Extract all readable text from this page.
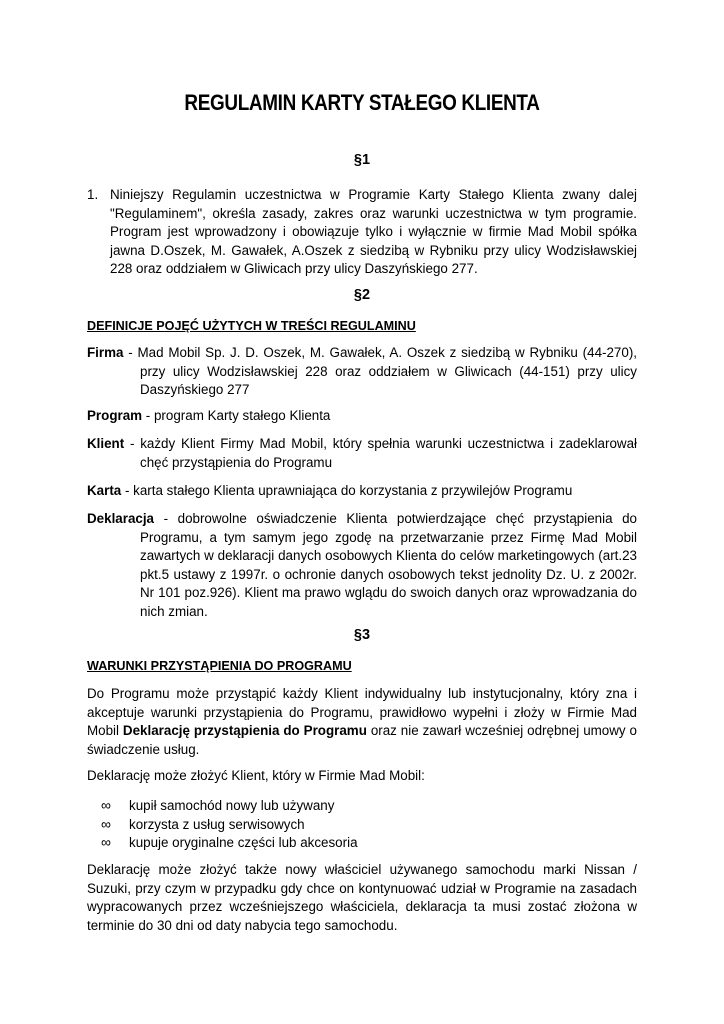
REGULAMIN KARTY STAŁEGO KLIENTA
§1
1. Niniejszy Regulamin uczestnictwa w Programie Karty Stałego Klienta zwany dalej "Regulaminem", określa zasady, zakres oraz warunki uczestnictwa w tym programie. Program jest wprowadzony i obowiązuje tylko i wyłącznie w firmie Mad Mobil spółka jawna D.Oszek, M. Gawałek, A.Oszek z siedzibą w Rybniku przy ulicy Wodzisławskiej 228 oraz oddziałem w Gliwicach przy ulicy Daszyńskiego 277.
§2
DEFINICJE POJĘĆ UŻYTYCH W TREŚCI REGULAMINU
Firma - Mad Mobil Sp. J. D. Oszek, M. Gawałek, A. Oszek z siedzibą w Rybniku (44-270), przy ulicy Wodzisławskiej 228 oraz oddziałem w Gliwicach (44-151) przy ulicy Daszyńskiego 277
Program - program Karty stałego Klienta
Klient - każdy Klient Firmy Mad Mobil, który spełnia warunki uczestnictwa i zadeklarował chęć przystąpienia do Programu
Karta - karta stałego Klienta uprawniająca do korzystania z przywilejów Programu
Deklaracja - dobrowolne oświadczenie Klienta potwierdzające chęć przystąpienia do Programu, a tym samym jego zgodę na przetwarzanie przez Firmę Mad Mobil zawartych w deklaracji danych osobowych Klienta do celów marketingowych (art.23 pkt.5 ustawy z 1997r. o ochronie danych osobowych tekst jednolity Dz. U. z 2002r. Nr 101 poz.926). Klient ma prawo wglądu do swoich danych oraz wprowadzania do nich zmian.
§3
WARUNKI PRZYSTĄPIENIA DO PROGRAMU
Do Programu może przystąpić każdy Klient indywidualny lub instytucjonalny, który zna i akceptuje warunki przystąpienia do Programu, prawidłowo wypełni i złoży w Firmie Mad Mobil Deklarację przystąpienia do Programu oraz nie zawarł wcześniej odrębnej umowy o świadczenie usług.
Deklarację może złożyć Klient, który w Firmie Mad Mobil:
∞ kupił samochód nowy lub używany
∞ korzysta z usług serwisowych
∞ kupuje oryginalne części lub akcesoria
Deklarację może złożyć także nowy właściciel używanego samochodu marki Nissan / Suzuki, przy czym w przypadku gdy chce on kontynuować udział w Programie na zasadach wypracowanych przez wcześniejszego właściciela, deklaracja ta musi zostać złożona w terminie do 30 dni od daty nabycia tego samochodu.
